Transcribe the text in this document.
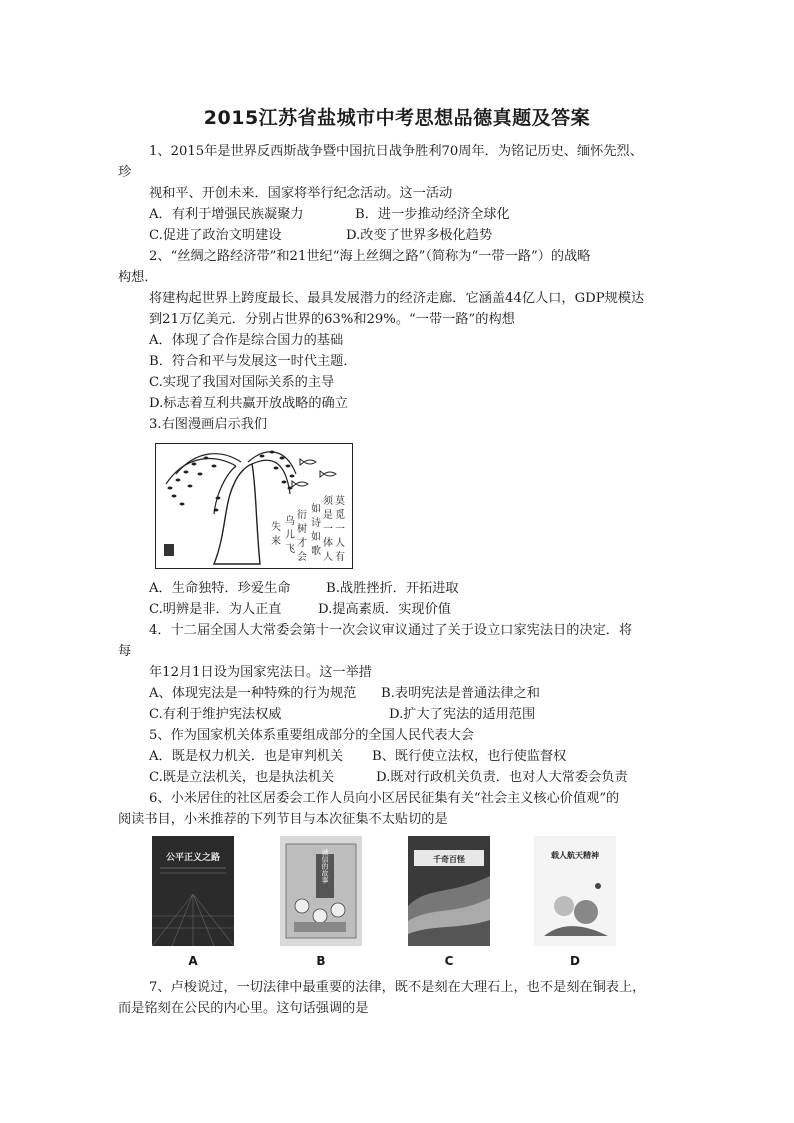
2015江苏省盐城市中考思想品德真题及答案
1、2015年是世界反西斯战争暨中国抗日战争胜利70周年．为铭记历史、缅怀先烈、
珍
视和平、开创未来．国家将举行纪念活动。这一活动
A．有利于增强民族凝聚力	B．进一步推动经济全球化
C.促进了政治文明建设	D.改变了世界多极化趋势
2、“丝绸之路经济带”和21世纪“海上丝绸之路”（简称为“一带一路”）的战略
构想．
将建构起世界上跨度最长、最具发展潜力的经济走廊．它涵盖44亿人口，GDP规模达
到21万亿美元．分别占世界的63%和29%。“一带一路”的构想
A．体现了合作是综合国力的基础
B．符合和平与发展这一时代主题．
C.实现了我国对国际关系的主导
D.标志着互利共赢开放战略的确立
3.右图漫画启示我们
莫
须
如
衍
乌
失
觅
是
诗
树
儿
来
一
一
如
才
飞
人
体
歌
会	有
人
A．生命独特．珍爱生命	B.战胜挫折．开拓进取
C.明辨是非．为人正直	D.提高素质．实现价值
4．十二届全国人大常委会第十一次会议审议通过了关于设立口家宪法日的决定．将
每
年12月1日设为国家宪法日。这一举措
A、体现宪法是一种特殊的行为规范 B.表明宪法是普通法律之和
C.有利于维护宪法权威	D.扩大了宪法的适用范围
5、作为国家机关体系重要组成部分的全国人民代表大会
A．既是权力机关．也是审判机关 B、既行使立法权，也行使监督权
C.既是立法机关，也是执法机关	D.既对行政机关负责．也对人大常委会负责
6、小米居住的社区居委会工作人员向小区居民征集有关“社会主义核心价值观”的
阅读书目，小米推荐的下列节目与本次征集不太贴切的是
公平正义之路
A
诚信的故事
B
千奇百怪
C
载人航天精神
D
7、卢梭说过，一切法律中最重要的法律，既不是刻在大理石上，也不是刻在铜表上，
而是铭刻在公民的内心里。这句话强调的是
